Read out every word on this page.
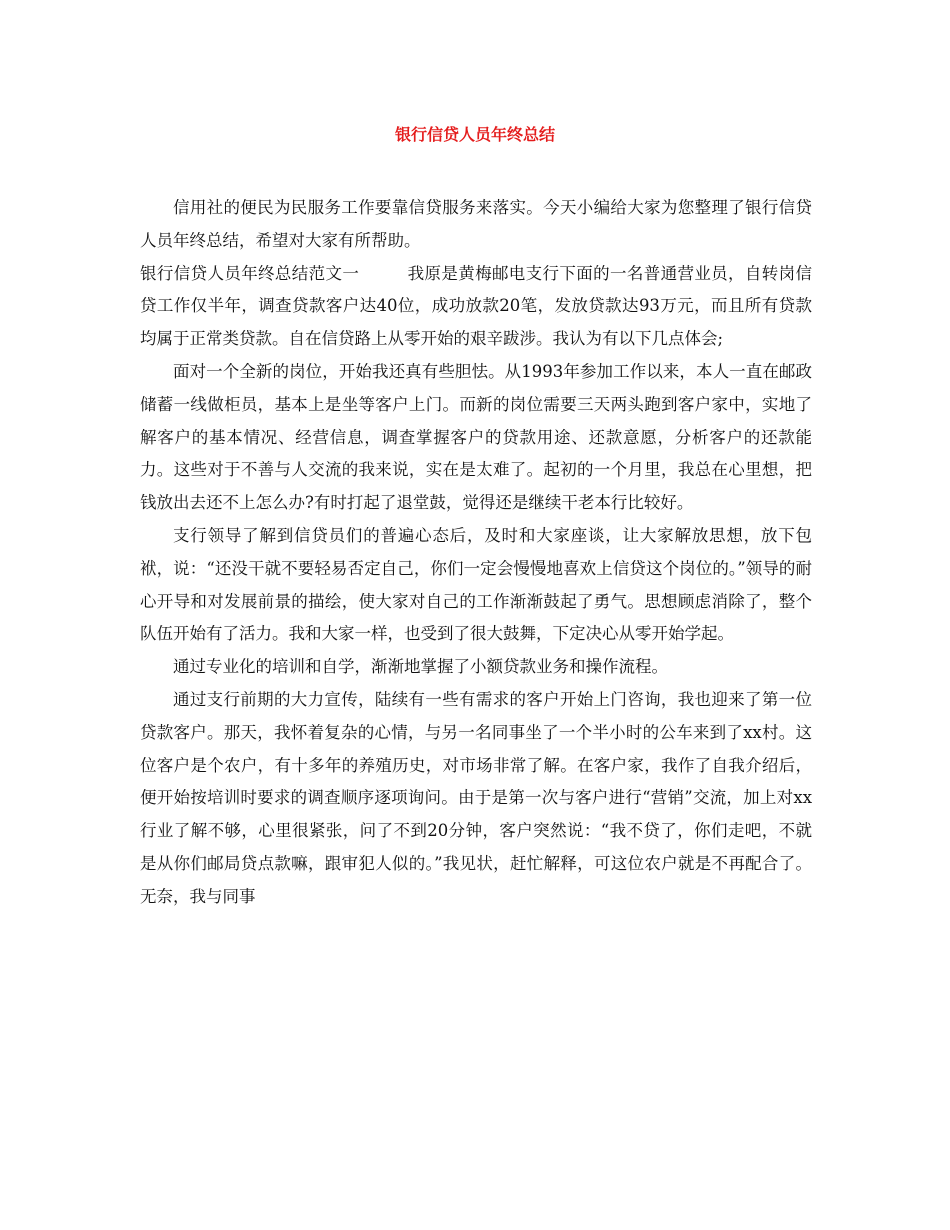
银行信贷人员年终总结

信用社的便民为民服务工作要靠信贷服务来落实。今天小编给大家为您整理了银行信贷人员年终总结，希望对大家有所帮助。

银行信贷人员年终总结范文一	我原是黄梅邮电支行下面的一名普通营业员，自转岗信贷工作仅半年，调查贷款客户达40位，成功放款20笔，发放贷款达93万元，而且所有贷款均属于正常类贷款。自在信贷路上从零开始的艰辛跋涉。我认为有以下几点体会;

面对一个全新的岗位，开始我还真有些胆怯。从1993年参加工作以来，本人一直在邮政储蓄一线做柜员，基本上是坐等客户上门。而新的岗位需要三天两头跑到客户家中，实地了解客户的基本情况、经营信息，调查掌握客户的贷款用途、还款意愿，分析客户的还款能力。这些对于不善与人交流的我来说，实在是太难了。起初的一个月里，我总在心里想，把钱放出去还不上怎么办?有时打起了退堂鼓，觉得还是继续干老本行比较好。

支行领导了解到信贷员们的普遍心态后，及时和大家座谈，让大家解放思想，放下包袱，说：“还没干就不要轻易否定自己，你们一定会慢慢地喜欢上信贷这个岗位的。”领导的耐心开导和对发展前景的描绘，使大家对自己的工作渐渐鼓起了勇气。思想顾虑消除了，整个队伍开始有了活力。我和大家一样，也受到了很大鼓舞，下定决心从零开始学起。

通过专业化的培训和自学，渐渐地掌握了小额贷款业务和操作流程。

通过支行前期的大力宣传，陆续有一些有需求的客户开始上门咨询，我也迎来了第一位贷款客户。那天，我怀着复杂的心情，与另一名同事坐了一个半小时的公车来到了xx村。这位客户是个农户，有十多年的养殖历史，对市场非常了解。在客户家，我作了自我介绍后，便开始按培训时要求的调查顺序逐项询问。由于是第一次与客户进行“营销”交流，加上对xx行业了解不够，心里很紧张，问了不到20分钟，客户突然说：“我不贷了，你们走吧，不就是从你们邮局贷点款嘛，跟审犯人似的。”我见状，赶忙解释，可这位农户就是不再配合了。无奈，我与同事
